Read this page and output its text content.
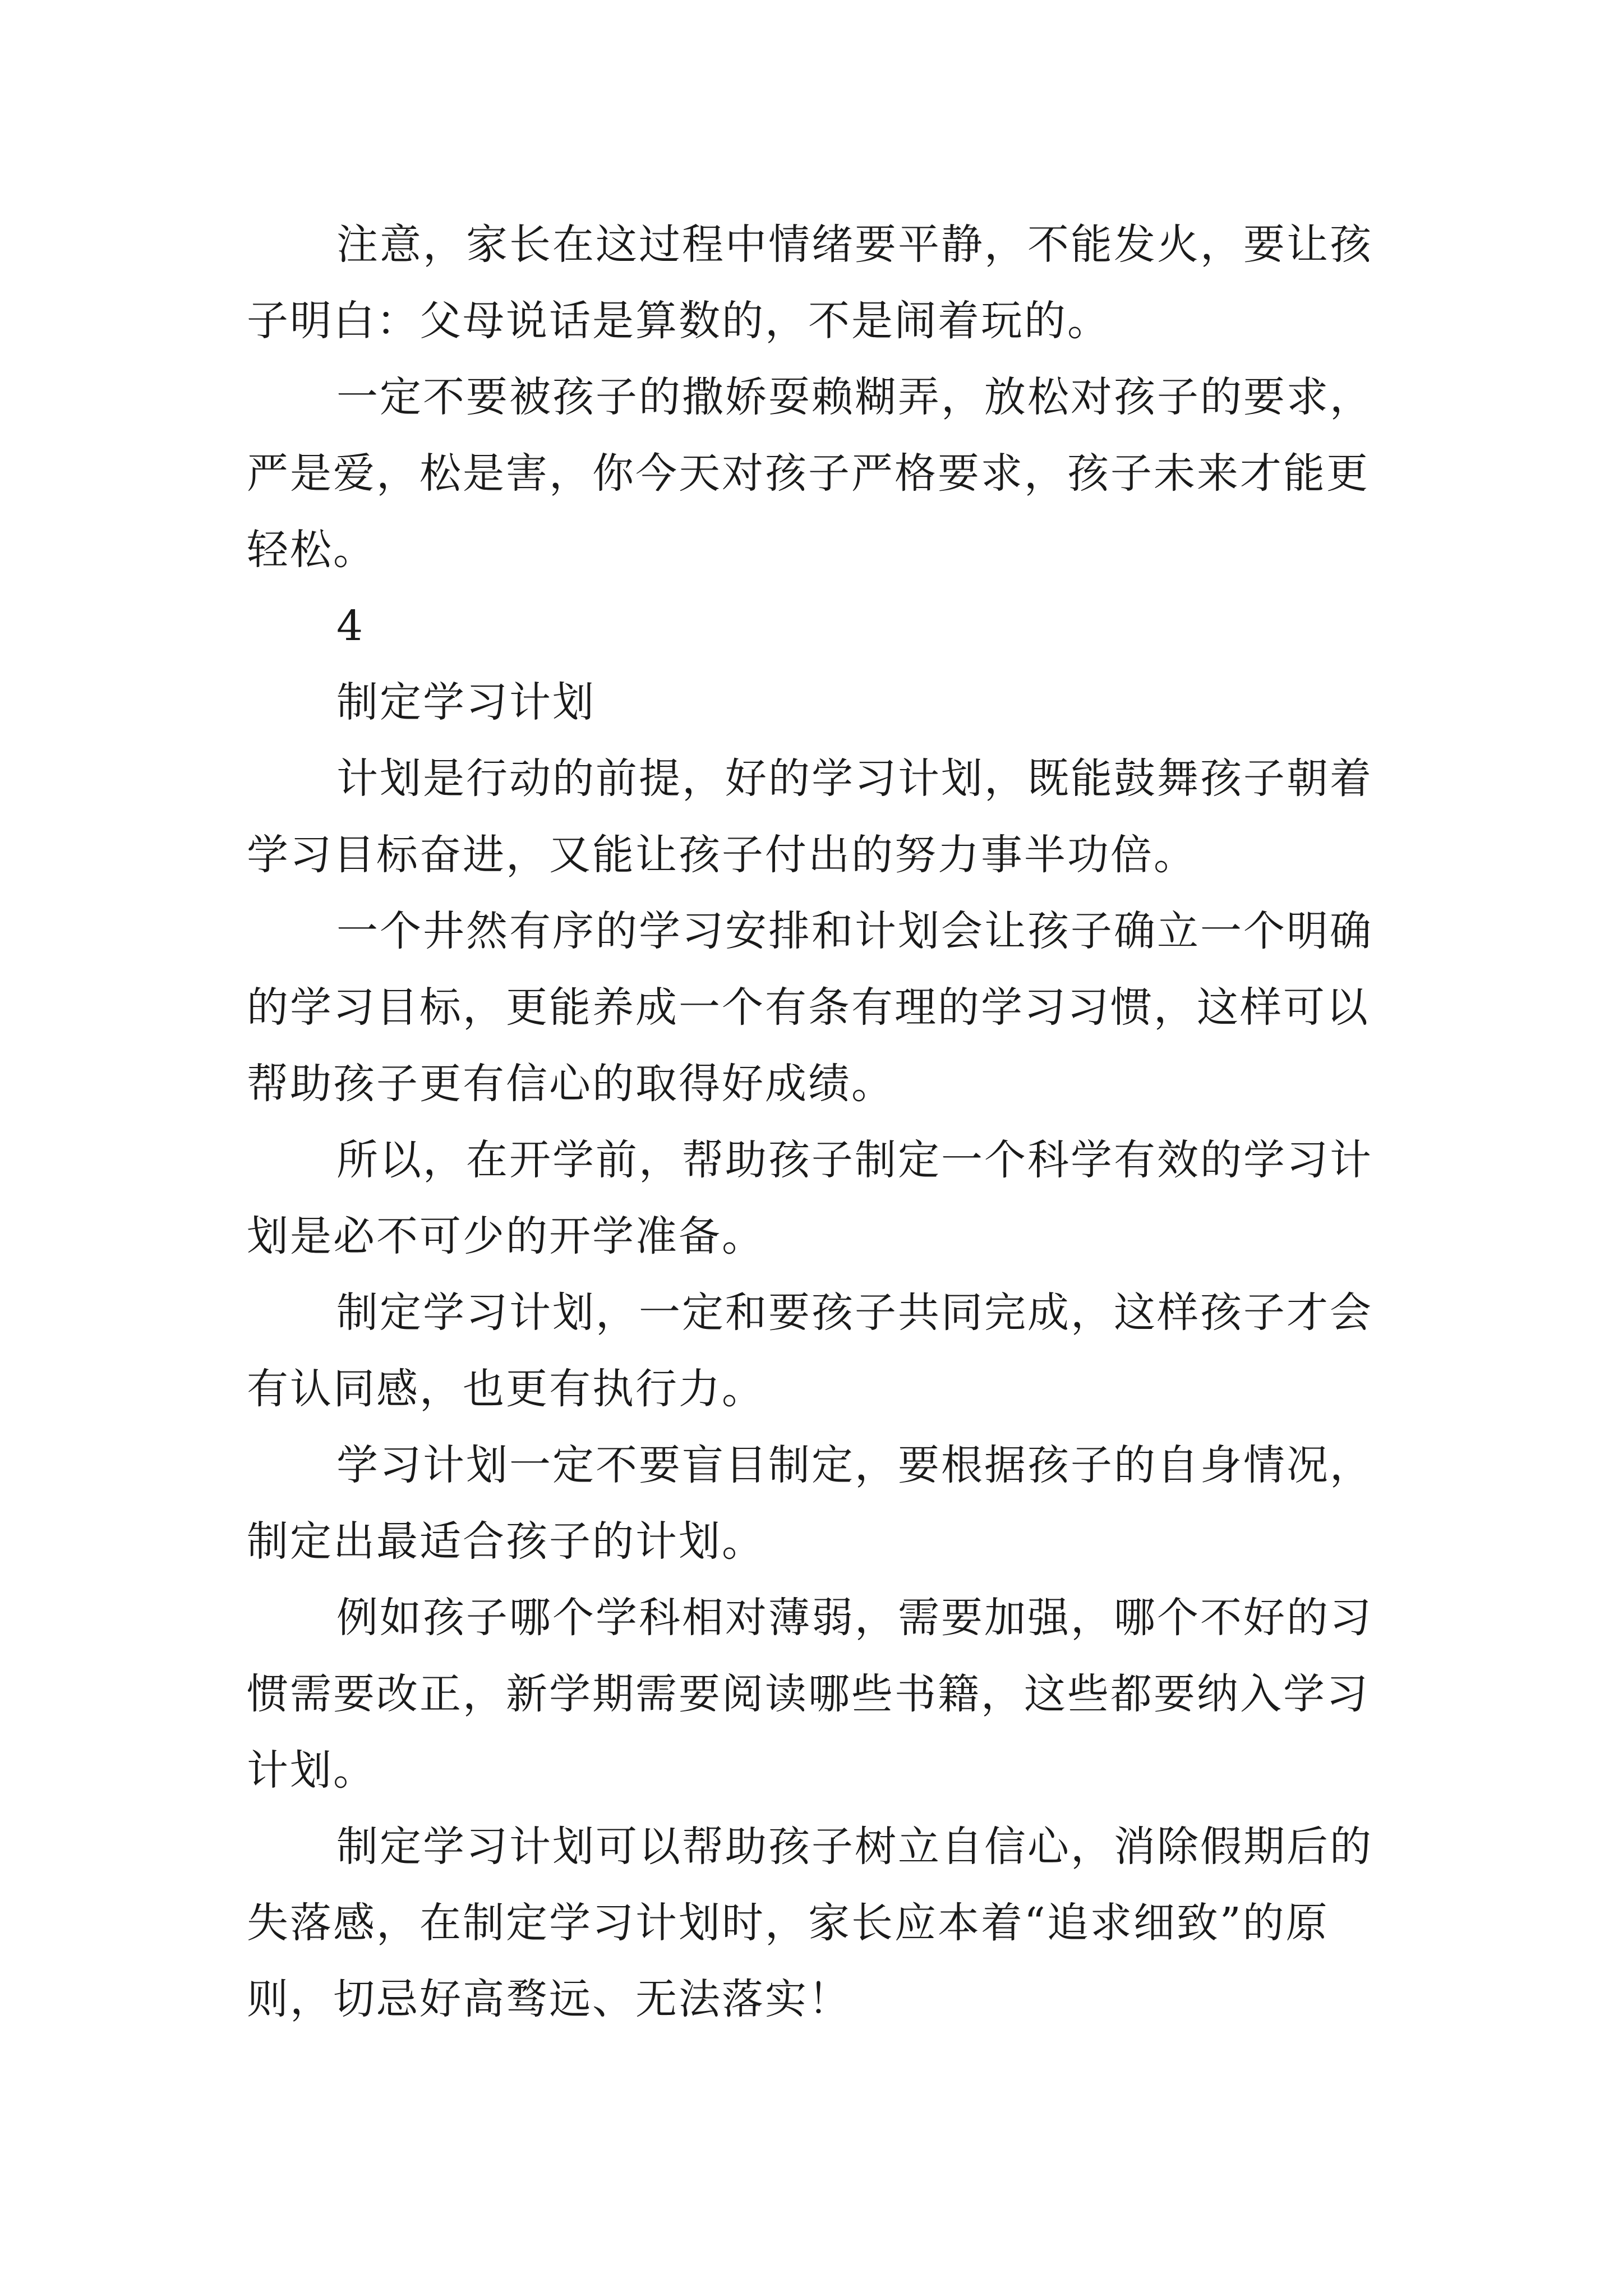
注意，家长在这过程中情绪要平静，不能发火，要让孩子明白：父母说话是算数的，不是闹着玩的。

一定不要被孩子的撒娇耍赖糊弄，放松对孩子的要求，严是爱，松是害，你今天对孩子严格要求，孩子未来才能更轻松。

4

制定学习计划

计划是行动的前提，好的学习计划，既能鼓舞孩子朝着学习目标奋进，又能让孩子付出的努力事半功倍。

一个井然有序的学习安排和计划会让孩子确立一个明确的学习目标，更能养成一个有条有理的学习习惯，这样可以帮助孩子更有信心的取得好成绩。

所以，在开学前，帮助孩子制定一个科学有效的学习计划是必不可少的开学准备。

制定学习计划，一定和要孩子共同完成，这样孩子才会有认同感，也更有执行力。

学习计划一定不要盲目制定，要根据孩子的自身情况，制定出最适合孩子的计划。

例如孩子哪个学科相对薄弱，需要加强，哪个不好的习惯需要改正，新学期需要阅读哪些书籍，这些都要纳入学习计划。

制定学习计划可以帮助孩子树立自信心，消除假期后的失落感，在制定学习计划时，家长应本着“追求细致”的原则，切忌好高骛远、无法落实！
